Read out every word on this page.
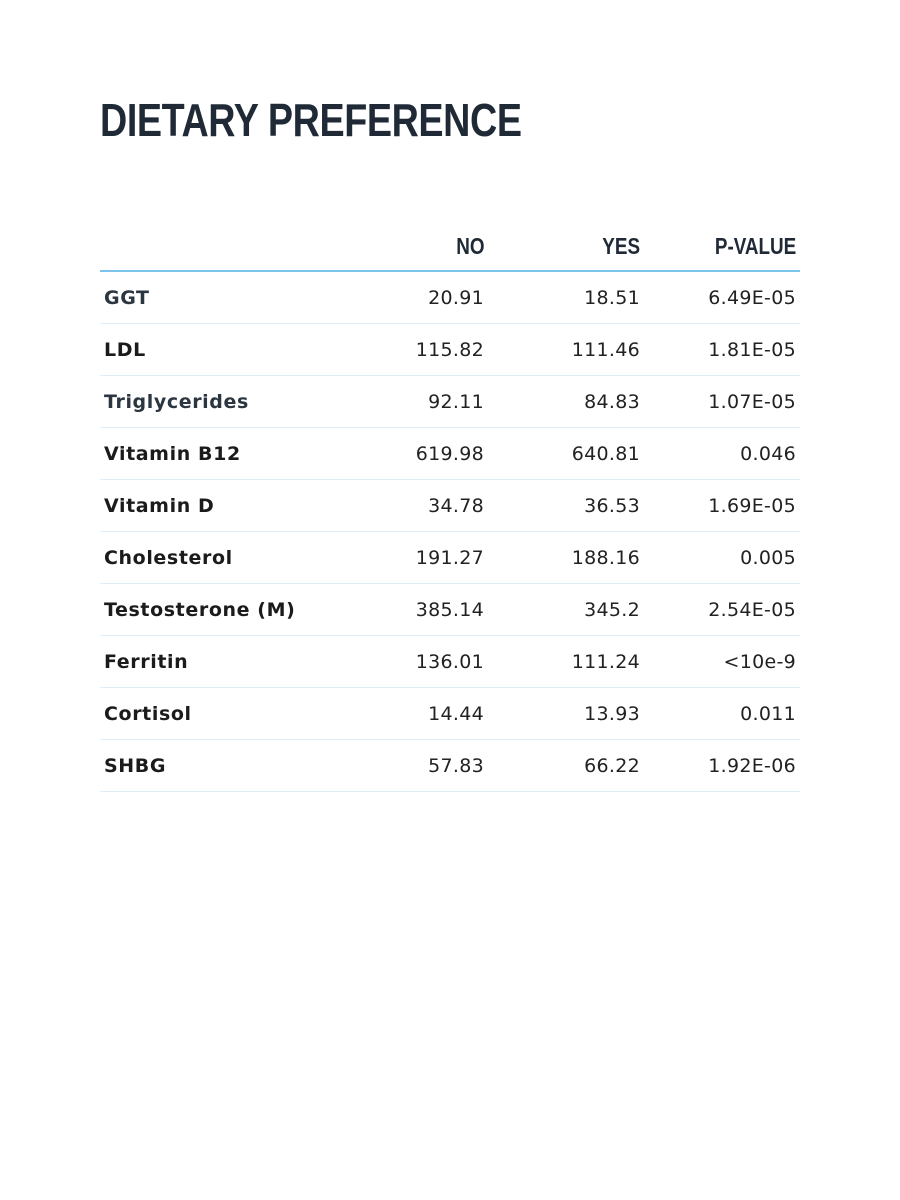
DIETARY PREFERENCE
	NO	YES	P-VALUE
GGT	20.91	18.51	6.49E-05
LDL	115.82	111.46	1.81E-05
Triglycerides	92.11	84.83	1.07E-05
Vitamin B12	619.98	640.81	0.046
Vitamin D	34.78	36.53	1.69E-05
Cholesterol	191.27	188.16	0.005
Testosterone (M)	385.14	345.2	2.54E-05
Ferritin	136.01	111.24	<10e-9
Cortisol	14.44	13.93	0.011
SHBG	57.83	66.22	1.92E-06
